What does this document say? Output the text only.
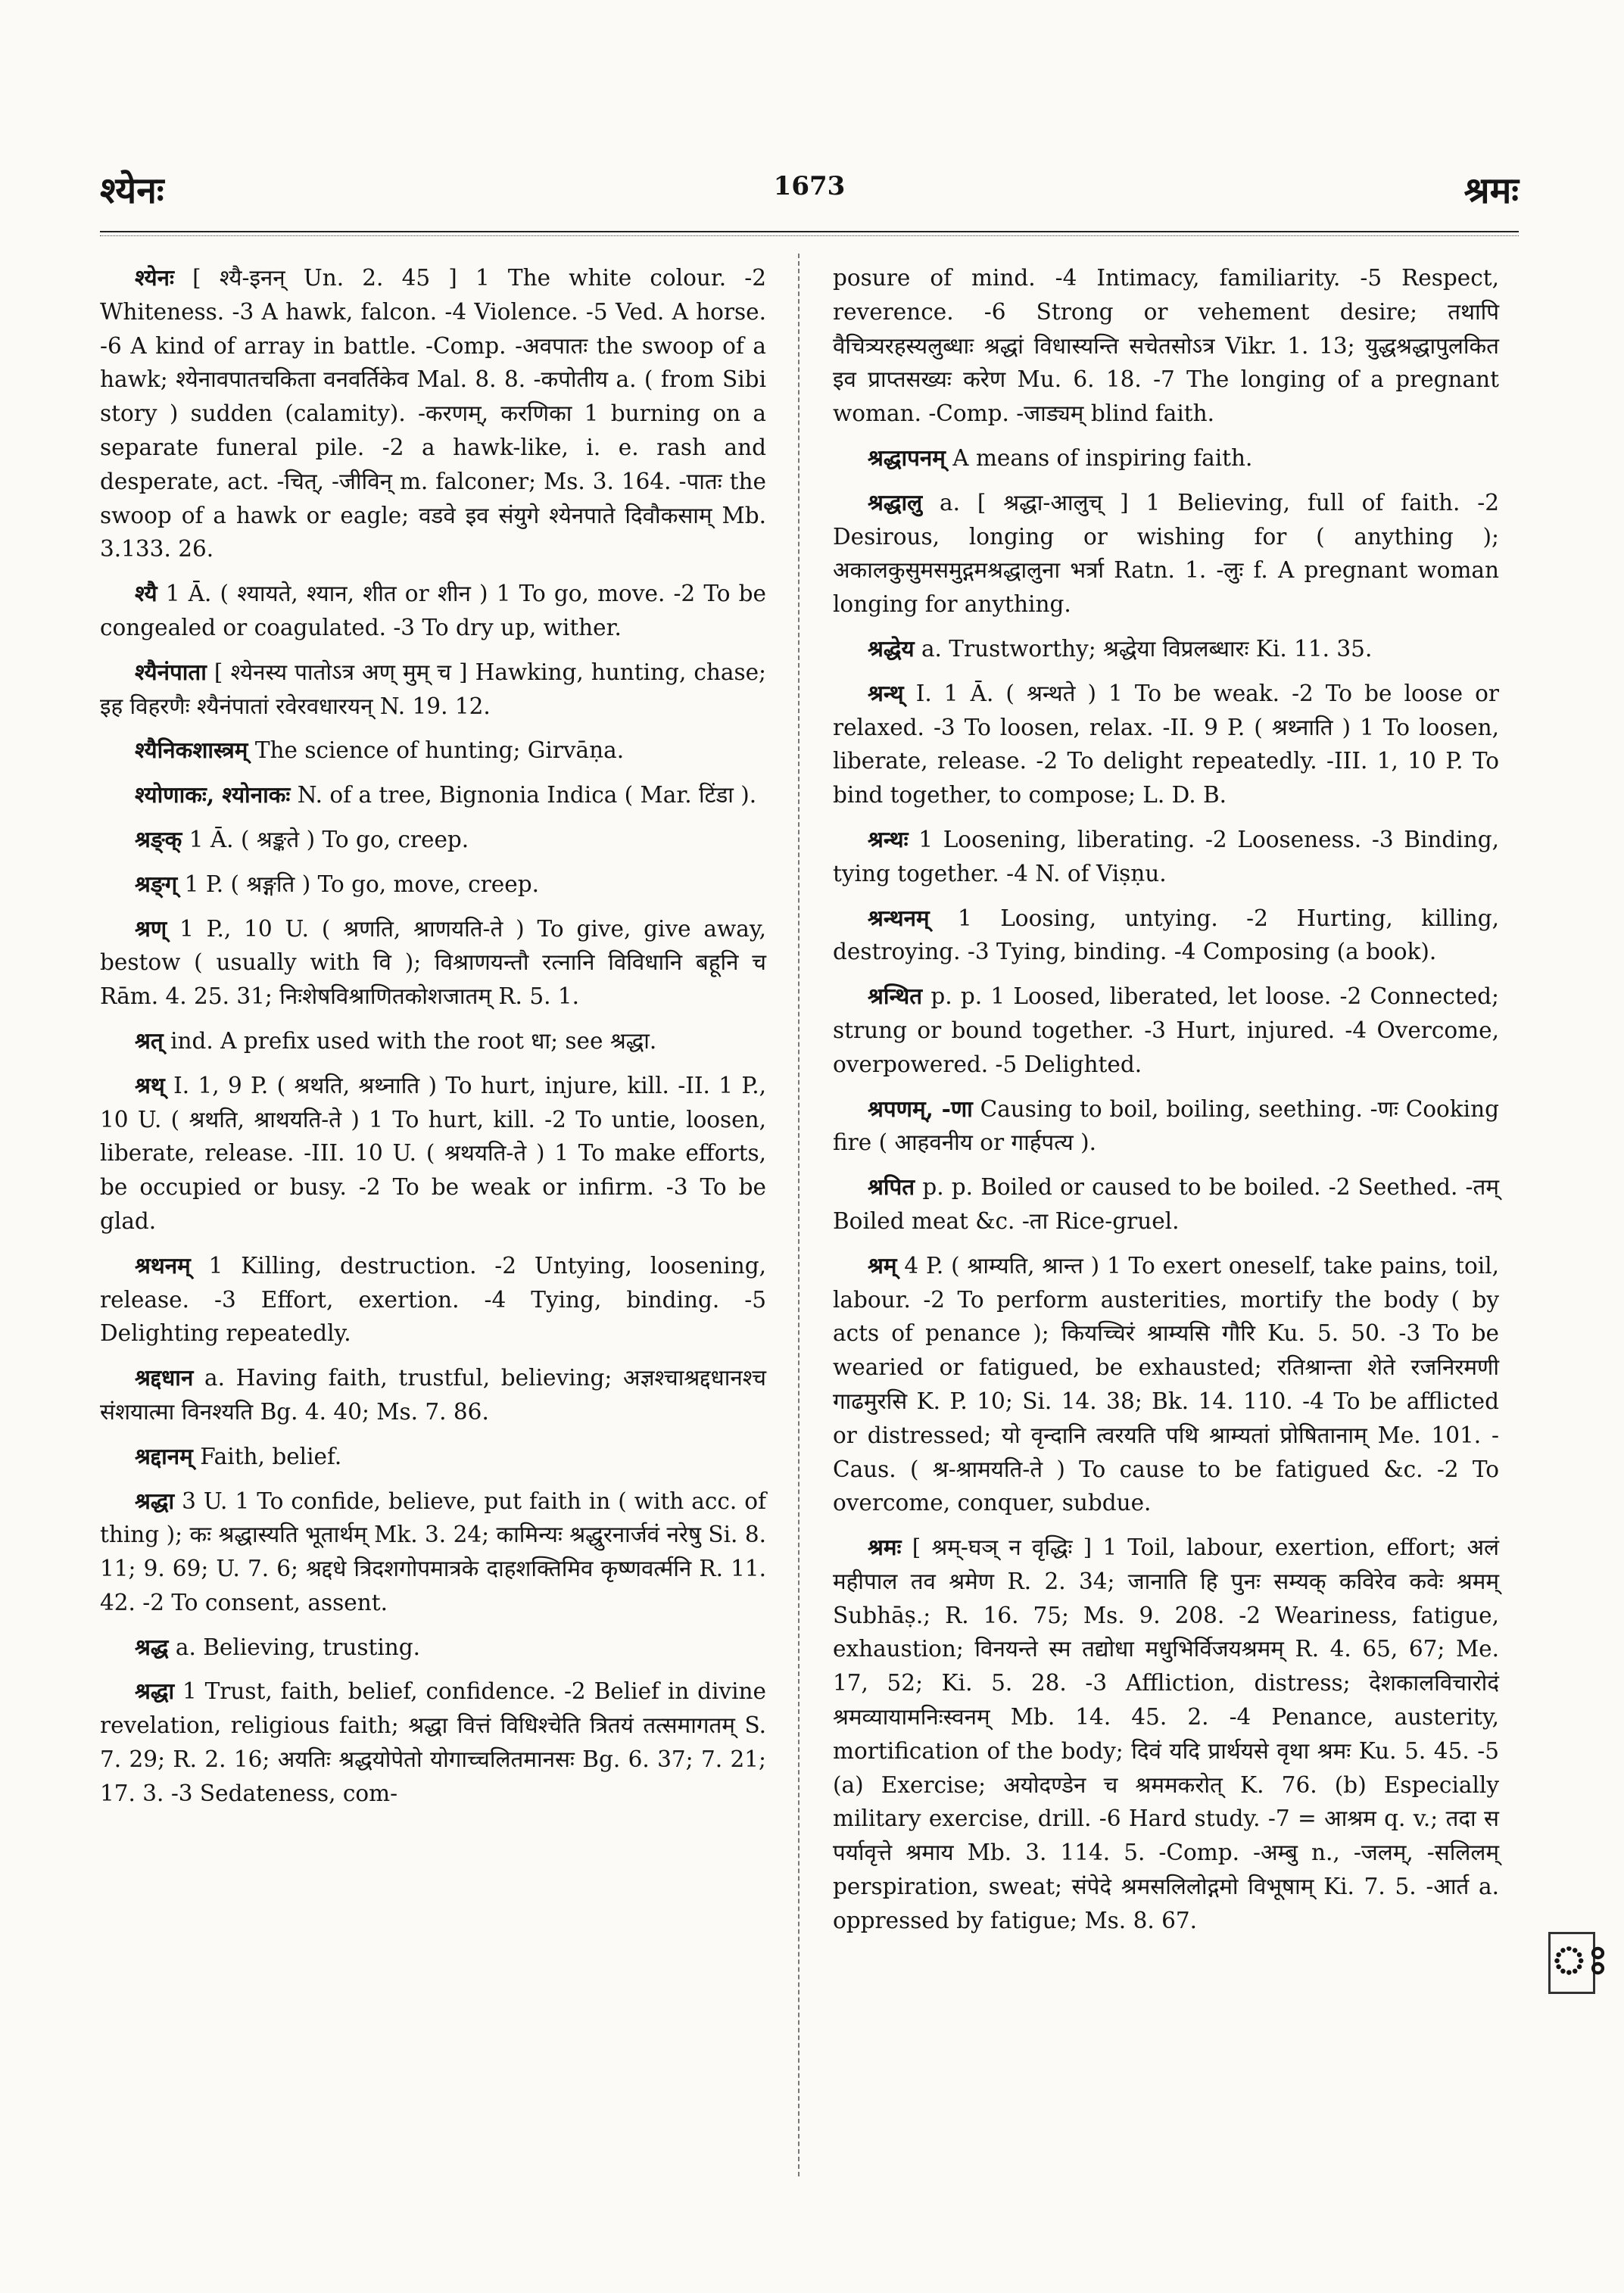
श्येनः	1673	श्रमः

श्येनः [ श्यै-इनन् Un. 2. 45 ] 1 The white colour. -2 Whiteness. -3 A hawk, falcon. -4 Violence. -5 Ved. A horse. -6 A kind of array in battle. -Comp. -अवपातः the swoop of a hawk; श्येनावपातचकिता वनवर्तिकेव Mal. 8. 8. -कपोतीय a. ( from Sibi story ) sudden (calamity). -करणम्, करणिका 1 burning on a separate funeral pile. -2 a hawk-like, i. e. rash and desperate, act. -चित्, -जीविन् m. falconer; Ms. 3. 164. -पातः the swoop of a hawk or eagle; वडवे इव संयुगे श्येनपाते दिवौकसाम् Mb. 3.133. 26.

श्यै 1 Ā. ( श्यायते, श्यान, शीत or शीन ) 1 To go, move. -2 To be congealed or coagulated. -3 To dry up, wither.

श्यैनंपाता [ श्येनस्य पातोऽत्र अण् मुम् च ] Hawking, hunting, chase; इह विहरणैः श्यैनंपातां रवेरवधारयन् N. 19. 12.

श्यैनिकशास्त्रम् The science of hunting; Girvāṇa.

श्योणाकः, श्योनाकः N. of a tree, Bignonia Indica ( Mar. टिंडा ).

श्रङ्क् 1 Ā. ( श्रङ्कते ) To go, creep.

श्रङ्ग् 1 P. ( श्रङ्गति ) To go, move, creep.

श्रण् 1 P., 10 U. ( श्रणति, श्राणयति-ते ) To give, give away, bestow ( usually with वि ); विश्राणयन्तौ रत्नानि विविधानि बहूनि च Rām. 4. 25. 31; निःशेषविश्राणितकोशजातम् R. 5. 1.

श्रत् ind. A prefix used with the root धा; see श्रद्धा.

श्रथ् I. 1, 9 P. ( श्रथति, श्रथ्नाति ) To hurt, injure, kill. -II. 1 P., 10 U. ( श्रथति, श्राथयति-ते ) 1 To hurt, kill. -2 To untie, loosen, liberate, release. -III. 10 U. ( श्रथयति-ते ) 1 To make efforts, be occupied or busy. -2 To be weak or infirm. -3 To be glad.

श्रथनम् 1 Killing, destruction. -2 Untying, loosening, release. -3 Effort, exertion. -4 Tying, binding. -5 Delighting repeatedly.

श्रद्दधान a. Having faith, trustful, believing; अज्ञश्चाश्रद्दधानश्च संशयात्मा विनश्यति Bg. 4. 40; Ms. 7. 86.

श्रद्दानम् Faith, belief.

श्रद्धा 3 U. 1 To confide, believe, put faith in ( with acc. of thing ); कः श्रद्धास्यति भूतार्थम् Mk. 3. 24; कामिन्यः श्रद्धुरनार्जवं नरेषु Si. 8. 11; 9. 69; U. 7. 6; श्रद्दधे त्रिदशगोपमात्रके दाहशक्तिमिव कृष्णवर्त्मनि R. 11. 42. -2 To consent, assent.

श्रद्ध a. Believing, trusting.

श्रद्धा 1 Trust, faith, belief, confidence. -2 Belief in divine revelation, religious faith; श्रद्धा वित्तं विधिश्चेति त्रितयं तत्समागतम् S. 7. 29; R. 2. 16; अयतिः श्रद्धयोपेतो योगाच्चलितमानसः Bg. 6. 37; 7. 21; 17. 3. -3 Sedateness, com-

posure of mind. -4 Intimacy, familiarity. -5 Respect, reverence. -6 Strong or vehement desire; तथापि वैचित्र्यरहस्यलुब्धाः श्रद्धां विधास्यन्ति सचेतसोऽत्र Vikr. 1. 13; युद्धश्रद्धापुलकित इव प्राप्तसख्यः करेण Mu. 6. 18. -7 The longing of a pregnant woman. -Comp. -जाड्यम् blind faith.

श्रद्धापनम् A means of inspiring faith.

श्रद्धालु a. [ श्रद्धा-आलुच् ] 1 Believing, full of faith. -2 Desirous, longing or wishing for ( anything ); अकालकुसुमसमुद्गमश्रद्धालुना भर्त्रा Ratn. 1. -लुः f. A pregnant woman longing for anything.

श्रद्धेय a. Trustworthy; श्रद्धेया विप्रलब्धारः Ki. 11. 35.

श्रन्थ् I. 1 Ā. ( श्रन्थते ) 1 To be weak. -2 To be loose or relaxed. -3 To loosen, relax. -II. 9 P. ( श्रथ्नाति ) 1 To loosen, liberate, release. -2 To delight repeatedly. -III. 1, 10 P. To bind together, to compose; L. D. B.

श्रन्थः 1 Loosening, liberating. -2 Looseness. -3 Binding, tying together. -4 N. of Viṣṇu.

श्रन्थनम् 1 Loosing, untying. -2 Hurting, killing, destroying. -3 Tying, binding. -4 Composing (a book).

श्रन्थित p. p. 1 Loosed, liberated, let loose. -2 Connected; strung or bound together. -3 Hurt, injured. -4 Overcome, overpowered. -5 Delighted.

श्रपणम्, -णा Causing to boil, boiling, seething. -णः Cooking fire ( आहवनीय or गार्हपत्य ).

श्रपित p. p. Boiled or caused to be boiled. -2 Seethed. -तम् Boiled meat &c. -ता Rice-gruel.

श्रम् 4 P. ( श्राम्यति, श्रान्त ) 1 To exert oneself, take pains, toil, labour. -2 To perform austerities, mortify the body ( by acts of penance ); कियच्चिरं श्राम्यसि गौरि Ku. 5. 50. -3 To be wearied or fatigued, be exhausted; रतिश्रान्ता शेते रजनिरमणी गाढमुरसि K. P. 10; Si. 14. 38; Bk. 14. 110. -4 To be afflicted or distressed; यो वृन्दानि त्वरयति पथि श्राम्यतां प्रोषितानाम् Me. 101. -Caus. ( श्र-श्रामयति-ते ) To cause to be fatigued &c. -2 To overcome, conquer, subdue.

श्रमः [ श्रम्-घञ् न वृद्धिः ] 1 Toil, labour, exertion, effort; अलं महीपाल तव श्रमेण R. 2. 34; जानाति हि पुनः सम्यक् कविरेव कवेः श्रमम् Subhāṣ.; R. 16. 75; Ms. 9. 208. -2 Weariness, fatigue, exhaustion; विनयन्ते स्म तद्योधा मधुभिर्विजयश्रमम् R. 4. 65, 67; Me. 17, 52; Ki. 5. 28. -3 Affliction, distress; देशकालविचारोदं श्रमव्यायामनिःस्वनम् Mb. 14. 45. 2. -4 Penance, austerity, mortification of the body; दिवं यदि प्रार्थयसे वृथा श्रमः Ku. 5. 45. -5 (a) Exercise; अयोदण्डेन च श्रममकरोत् K. 76. (b) Especially military exercise, drill. -6 Hard study. -7 = आश्रम q. v.; तदा स पर्यावृत्ते श्रमाय Mb. 3. 114. 5. -Comp. -अम्बु n., -जलम्, -सलिलम् perspiration, sweat; संपेदे श्रमसलिलोद्गमो विभूषाम् Ki. 7. 5. -आर्त a. oppressed by fatigue; Ms. 8. 67.

ঃ
